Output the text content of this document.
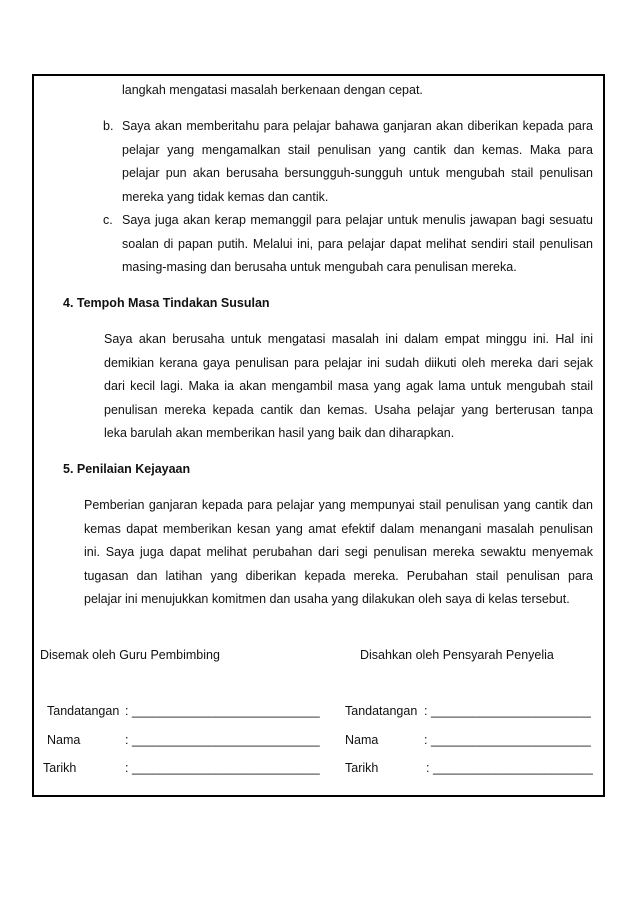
langkah mengatasi masalah berkenaan dengan cepat.
b. Saya akan memberitahu para pelajar bahawa ganjaran akan diberikan kepada para
pelajar yang mengamalkan stail penulisan yang cantik dan kemas. Maka para
pelajar pun akan berusaha bersungguh-sungguh untuk mengubah stail penulisan
mereka yang tidak kemas dan cantik.
c. Saya juga akan kerap memanggil para pelajar untuk menulis jawapan bagi sesuatu
soalan di papan putih. Melalui ini, para pelajar dapat melihat sendiri stail penulisan
masing-masing dan berusaha untuk mengubah cara penulisan mereka.
4. Tempoh Masa Tindakan Susulan
Saya akan berusaha untuk mengatasi masalah ini dalam empat minggu ini. Hal ini
demikian kerana gaya penulisan para pelajar ini sudah diikuti oleh mereka dari sejak
dari kecil lagi. Maka ia akan mengambil masa yang agak lama untuk mengubah stail
penulisan mereka kepada cantik dan kemas. Usaha pelajar yang berterusan tanpa
leka barulah akan memberikan hasil yang baik dan diharapkan.
5. Penilaian Kejayaan
Pemberian ganjaran kepada para pelajar yang mempunyai stail penulisan yang cantik dan
kemas dapat memberikan kesan yang amat efektif dalam menangani masalah penulisan
ini. Saya juga dapat melihat perubahan dari segi penulisan mereka sewaktu menyemak
tugasan dan latihan yang diberikan kepada mereka. Perubahan stail penulisan para
pelajar ini menujukkan komitmen dan usaha yang dilakukan oleh saya di kelas tersebut.
Disemak oleh Guru Pembimbing	Disahkan oleh Pensyarah Penyelia
Tandatangan : ___________________________ Tandatangan : _______________________
Nama	: ___________________________ Nama	: _______________________
Tarikh	: ___________________________ Tarikh	: _______________________
